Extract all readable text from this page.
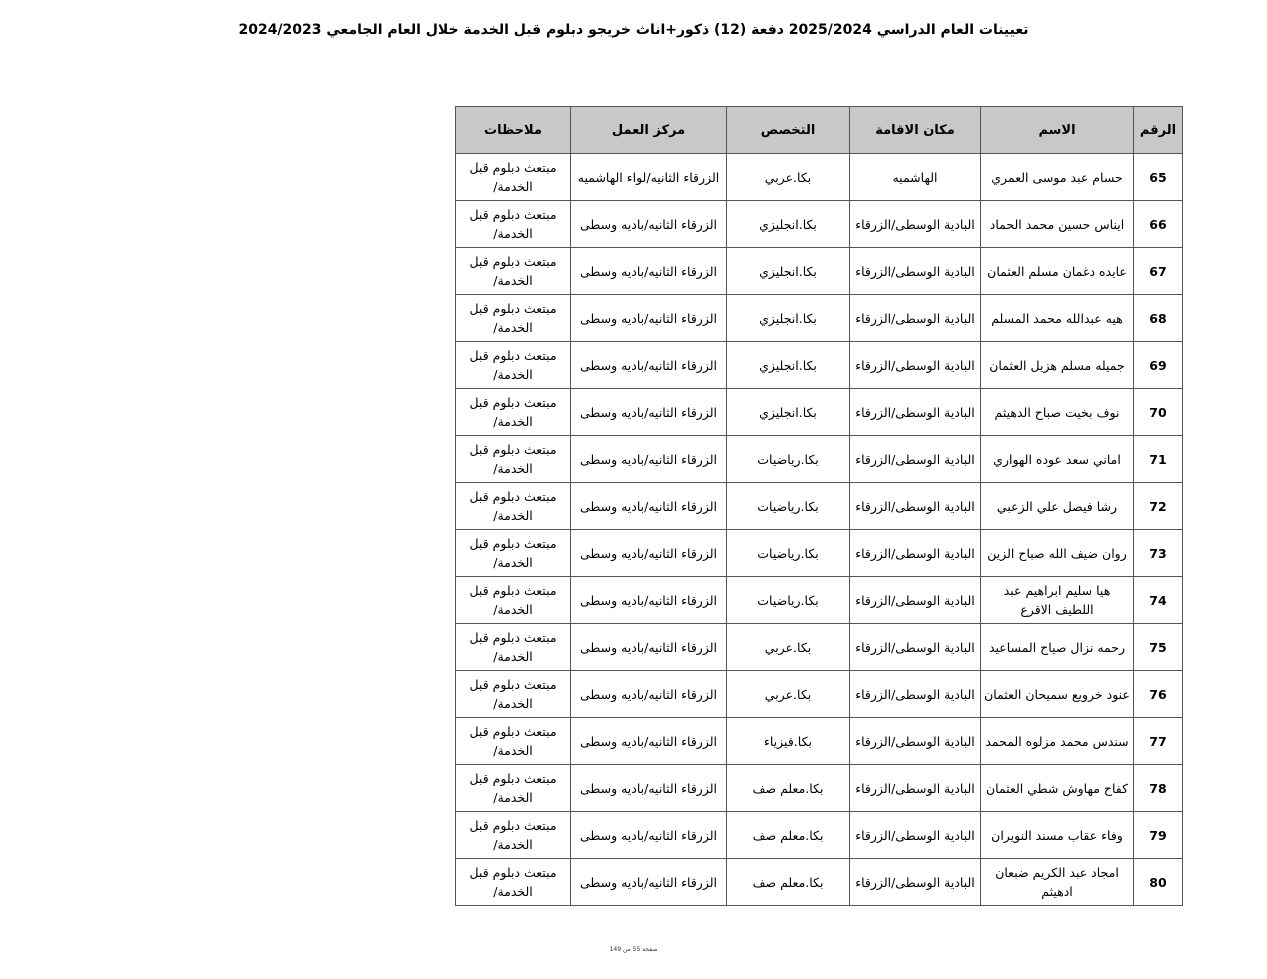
تعيينات العام الدراسي 2025/2024 دفعة (12) ذكور+اناث خريجو دبلوم قبل الخدمة خلال العام الجامعي 2024/2023
الرقم	الاسم	مكان الاقامة	التخصص	مركز العمل	ملاحظات
65	حسام عبد موسى العمري	الهاشميه	بكا.عربي	الزرقاء الثانيه/لواء الهاشميه	مبتعث دبلوم قبل الخدمة/
66	ايناس حسين محمد الحماد	البادية الوسطى/الزرقاء	بكا.انجليزي	الزرقاء الثانيه/باديه وسطى	مبتعث دبلوم قبل الخدمة/
67	عايده دغمان مسلم العثمان	البادية الوسطى/الزرقاء	بكا.انجليزي	الزرقاء الثانيه/باديه وسطى	مبتعث دبلوم قبل الخدمة/
68	هيه عبدالله محمد المسلم	البادية الوسطى/الزرقاء	بكا.انجليزي	الزرقاء الثانيه/باديه وسطى	مبتعث دبلوم قبل الخدمة/
69	جميله مسلم هزيل العثمان	البادية الوسطى/الزرقاء	بكا.انجليزي	الزرقاء الثانيه/باديه وسطى	مبتعث دبلوم قبل الخدمة/
70	نوف بخيت صباح الدهيثم	البادية الوسطى/الزرقاء	بكا.انجليزي	الزرقاء الثانيه/باديه وسطى	مبتعث دبلوم قبل الخدمة/
71	اماني سعد عوده الهواري	البادية الوسطى/الزرقاء	بكا.رياضيات	الزرقاء الثانيه/باديه وسطى	مبتعث دبلوم قبل الخدمة/
72	رشا فيصل علي الزعبي	البادية الوسطى/الزرقاء	بكا.رياضيات	الزرقاء الثانيه/باديه وسطى	مبتعث دبلوم قبل الخدمة/
73	روان ضيف الله صباح الزين	البادية الوسطى/الزرقاء	بكا.رياضيات	الزرقاء الثانيه/باديه وسطى	مبتعث دبلوم قبل الخدمة/
74	هيا سليم ابراهيم عبد اللطيف الاقرع	البادية الوسطى/الزرقاء	بكا.رياضيات	الزرقاء الثانيه/باديه وسطى	مبتعث دبلوم قبل الخدمة/
75	رحمه نزال صياح المساعيد	البادية الوسطى/الزرقاء	بكا.عربي	الزرقاء الثانيه/باديه وسطى	مبتعث دبلوم قبل الخدمة/
76	عنود خرويع سميحان العثمان	البادية الوسطى/الزرقاء	بكا.عربي	الزرقاء الثانيه/باديه وسطى	مبتعث دبلوم قبل الخدمة/
77	سندس محمد مزلوه المحمد	البادية الوسطى/الزرقاء	بكا.فيزياء	الزرقاء الثانيه/باديه وسطى	مبتعث دبلوم قبل الخدمة/
78	كفاح مهاوش شطي العثمان	البادية الوسطى/الزرقاء	بكا.معلم صف	الزرقاء الثانيه/باديه وسطى	مبتعث دبلوم قبل الخدمة/
79	وفاء عقاب مسند النويران	البادية الوسطى/الزرقاء	بكا.معلم صف	الزرقاء الثانيه/باديه وسطى	مبتعث دبلوم قبل الخدمة/
80	امجاد عبد الكريم ضبعان ادهيثم	البادية الوسطى/الزرقاء	بكا.معلم صف	الزرقاء الثانيه/باديه وسطى	مبتعث دبلوم قبل الخدمة/
صفحة 55 من 149
